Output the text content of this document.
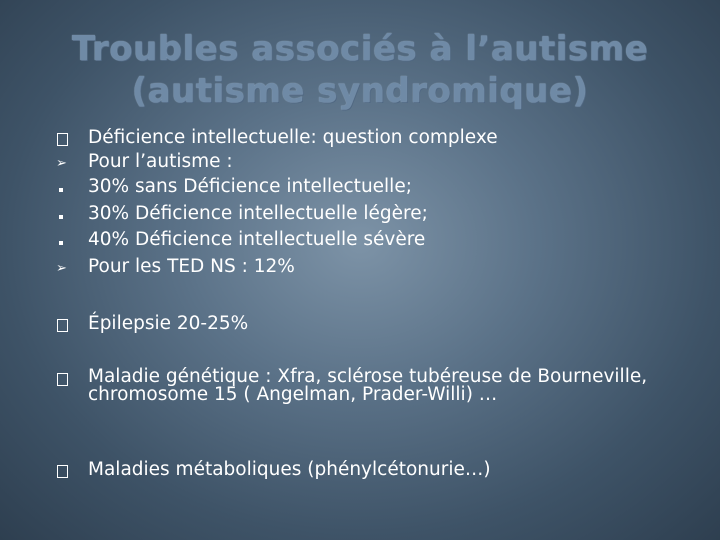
Troubles associés à l’autisme
(autisme syndromique)
Déficience intellectuelle: question complexe
➢	Pour l’autisme :
30% sans Déficience intellectuelle;
30% Déficience intellectuelle légère;
40% Déficience intellectuelle sévère
➢	Pour les TED NS : 12%
Épilepsie 20-25%
Maladie génétique : Xfra, sclérose tubéreuse de Bourneville, chromosome 15 ( Angelman, Prader-Willi) …
Maladies métaboliques (phénylcétonurie…)
